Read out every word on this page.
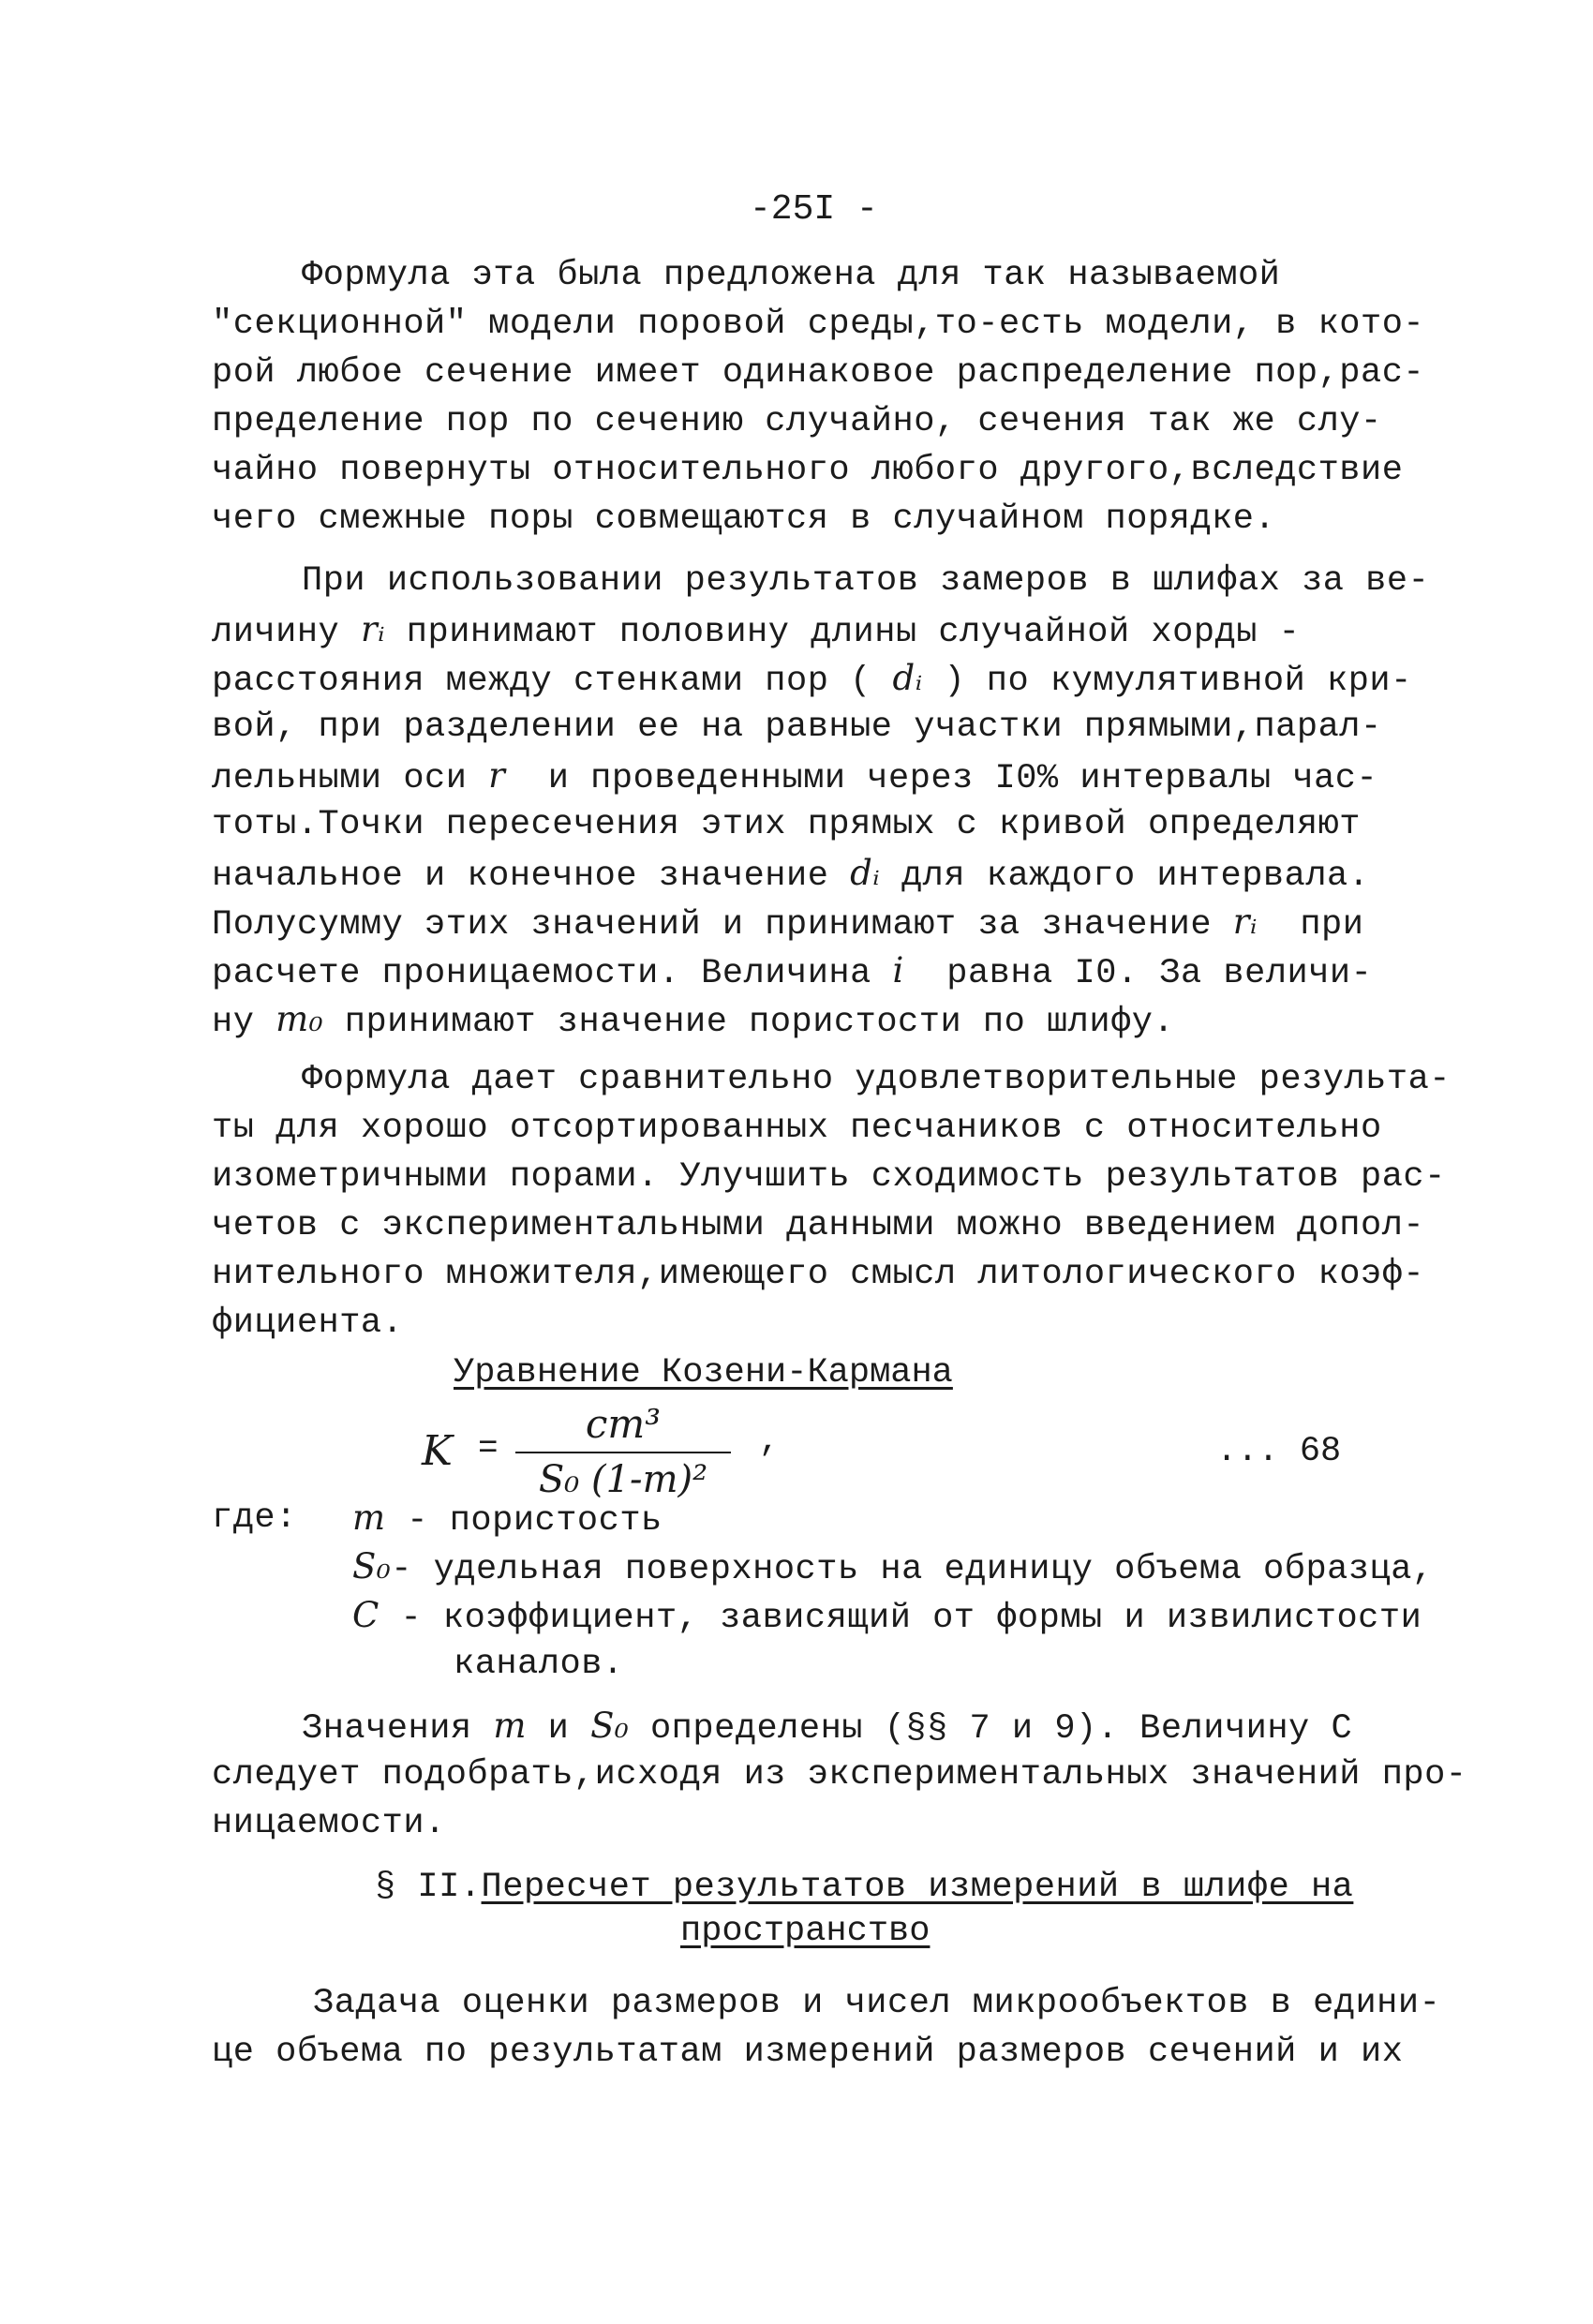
-25I -
Формула эта была предложена для так называемой
"секционной" модели поровой среды,то-есть модели, в кото-
рой любое сечение имеет одинаковое распределение пор,рас-
пределение пор по сечению случайно, сечения так же слу-
чайно повернуты относительного любого другого,вследствие
чего смежные поры совмещаются в случайном порядке.
При использовании результатов замеров в шлифах за ве-
личину rᵢ принимают половину длины случайной хорды -
расстояния между стенками пор ( dᵢ ) по кумулятивной кри-
вой, при разделении ее на равные участки прямыми,парал-
лельными оси r  и проведенными через I0% интервалы час-
тоты.Точки пересечения этих прямых с кривой определяют
начальное и конечное значение dᵢ для каждого интервала.
Полусумму этих значений и принимают за значение rᵢ  при
расчете проницаемости. Величина i  равна I0. За величи-
ну m₀ принимают значение пористости по шлифу.
Формула дает сравнительно удовлетворительные результа-
ты для хорошо отсортированных песчаников с относительно
изометричными порами. Улучшить сходимость результатов рас-
четов с экспериментальными данными можно введением допол-
нительного множителя,имеющего смысл литологического коэф-
фициента.
Уравнение Козени-Кармана
K =
cm³
S₀ (1-m)²
,	... 68
где:	m - пористость
S₀- удельная поверхность на единицу объема образца,
C - коэффициент, зависящий от формы и извилистости
каналов.
Значения m и S₀ определены (§§ 7 и 9). Величину С
следует подобрать,исходя из экспериментальных значений про-
ницаемости.
§ II.Пересчет результатов измерений в шлифе на
пространство
Задача оценки размеров и чисел микрообъектов в едини-
це объема по результатам измерений размеров сечений и их
